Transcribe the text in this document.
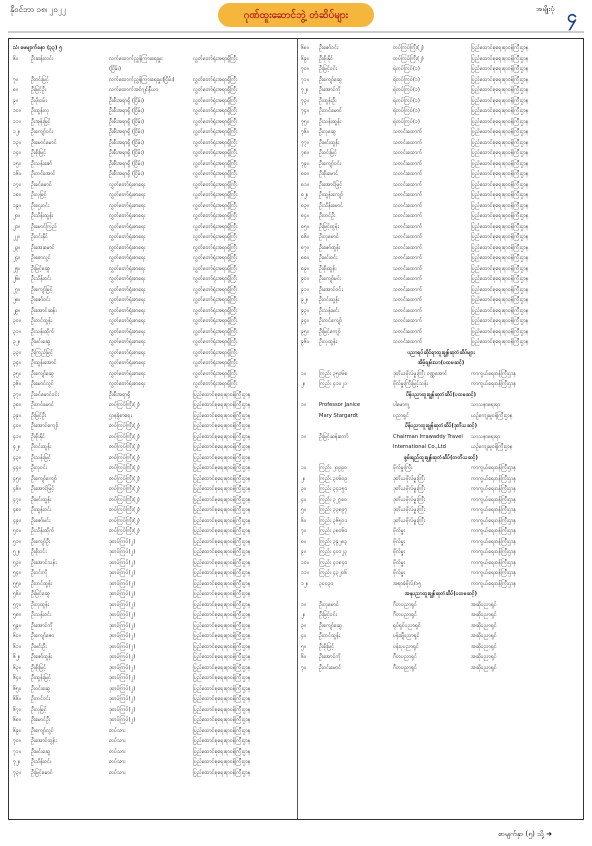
နိုဝင်ဘာ ၁၈၊ ၂၀၂၂	ဂုဏ်ထူးဆောင်ဘွဲ့ တံဆိပ်များ
အမျိုးပုံ ၄
သံ၊ မေမျာက်နော (၃၃) ၅
၆။	ဦးဆန်းလင်း	လက်ထောက်ညွှန်ကြားရေးမှူး	လွှတ်တော်ရုံးအရာရှိကြီး
(ငြိမ်း)
၇။	ဦးဝင်းမြင့်	လက်ထောက်ညွှန်ကြားရေးမှူး(ငြိမ်း)	လွှတ်တော်ရုံးအရာရှိကြီး
၈။	ဦးမြင့်ဦး	လက်ထောက်အင်ဂျင်နီယာ	လွှတ်တော်ရုံးအရာရှိကြီး
၉။	ဦးဖိုးဝမ်း	ဦးစီးအရာရှိ (ငြိမ်း)	လွှတ်တော်ရုံးအရာရှိကြီး
၁၀။	ဦးထွန်းလှ	ဦးစီးအရာရှိ (ငြိမ်း)	လွှတ်တော်ရုံးအရာရှိကြီး
၁၁။	ဦးအုန်းမြင့်	ဦးစီးအရာရှိ (ငြိမ်း)	လွှတ်တော်ရုံးအရာရှိကြီး
၁၂။	ဦးကျော်ဝင်း	ဦးစီးအရာရှိ (ငြိမ်း)	လွှတ်တော်ရုံးအရာရှိကြီး
၁၃။	ဦးမောင်မောင်	ဦးစီးအရာရှိ (ငြိမ်း)	လွှတ်တော်ရုံးအရာရှိကြီး
၁၄။	ဦးစိုးမြင့်	ဦးစီးအရာရှိ (ငြိမ်း)	လွှတ်တော်ရုံးအရာရှိကြီး
၁၅။	ဦးသန်းဇော်	ဦးစီးအရာရှိ (ငြိမ်း)	လွှတ်တော်ရုံးအရာရှိကြီး
၁၆။	ဦးတင်အောင်	ဦးစီးအရာရှိ (ငြိမ်း)	လွှတ်တော်ရုံးအရာရှိကြီး
၁၇။	ဦးခင်မောင်	လွှတ်တော်ရုံးစာရေး	လွှတ်တော်ရုံးအရာရှိကြီး
၁၈။	ဦးလှမြင့်	လွှတ်တော်ရုံးစာရေး	လွှတ်တော်ရုံးအရာရှိကြီး
၁၉။	ဦးဌေးဝင်း	လွှတ်တော်ရုံးစာရေး	လွှတ်တော်ရုံးအရာရှိကြီး
၂၀။	ဦးသိန်းထွန်း	လွှတ်တော်ရုံးစာရေး	လွှတ်တော်ရုံးအရာရှိကြီး
၂၁။	ဦးမောင်ကြည်	လွှတ်တော်ရုံးစာရေး	လွှတ်တော်ရုံးအရာရှိကြီး
၂၂။	ဦးဝင်းနိုင်	လွှတ်တော်ရုံးစာရေး	လွှတ်တော်ရုံးအရာရှိကြီး
၂၃။	ဦးအေးမောင်	လွှတ်တော်ရုံးစာရေး	လွှတ်တော်ရုံးအရာရှိကြီး
၂၄။	ဦးစောလွင်	လွှတ်တော်ရုံးစာရေး	လွှတ်တော်ရုံးအရာရှိကြီး
၂၅။	ဦးမြင့်ဆွေ	လွှတ်တော်ရုံးစာရေး	လွှတ်တော်ရုံးအရာရှိကြီး
၂၆။	ဦးသိန်းဝင်း	လွှတ်တော်ရုံးစာရေး	လွှတ်တော်ရုံးအရာရှိကြီး
၂၇။	ဦးကျော်မြင့်	လွှတ်တော်ရုံးစာရေး	လွှတ်တော်ရုံးအရာရှိကြီး
၂၈။	ဦးဇော်ဝင်း	လွှတ်တော်ရုံးစာရေး	လွှတ်တော်ရုံးအရာရှိကြီး
၂၉။	ဦးအောင်ဆန်း	လွှတ်တော်ရုံးစာရေး	လွှတ်တော်ရုံးအရာရှိကြီး
၃၀။	ဦးတင်ထွန်း	လွှတ်တော်ရုံးစာရေး	လွှတ်တော်ရုံးအရာရှိကြီး
၃၁။	ဦးသန်းထိုက်	လွှတ်တော်ရုံးစာရေး	လွှတ်တော်ရုံးအရာရှိကြီး
၃၂။	ဦးမင်းဆွေ	လွှတ်တော်ရုံးစာရေး	လွှတ်တော်ရုံးအရာရှိကြီး
၃၃။	ဦးကြည်မြင့်	လွှတ်တော်ရုံးစာရေး	လွှတ်တော်ရုံးအရာရှိကြီး
၃၄။	ဦးထွန်းအောင်	လွှတ်တော်ရုံးစာရေး	လွှတ်တော်ရုံးအရာရှိကြီး
၃၅။	ဦးကျော်ဆွေ	လွှတ်တော်ရုံးစာရေး	လွှတ်တော်ရုံးအရာရှိကြီး
၃၆။	ဦးမောင်လွင်	လွှတ်တော်ရုံးစာရေး	လွှတ်တော်ရုံးအရာရှိကြီး
၃၇။	ဦးခင်မောင်ဝင်း	ဦးစီးအရာရှိ	ပြည်ထောင်စုရေးရာဝန်ကြီးဌာန
၃၈။	ဦးတင်မောင်	တပ်ကြပ်ကြီး(၂)	ပြည်ထောင်စုရေးရာဝန်ကြီးဌာန
၃၉။	ဦးမြင့်ဦး	ဌာနခွဲစာရေး	ပြည်ထောင်စုရေးရာဝန်ကြီးဌာန
၄၀။	ဦးအောင်ကျော်	တပ်ကြပ်ကြီး(၂)	ပြည်ထောင်စုရေးရာဝန်ကြီးဌာန
၄၁။	ဦးစိုးနိုင်	တပ်ကြပ်ကြီး(၂)	ပြည်ထောင်စုရေးရာဝန်ကြီးဌာန
၄၂။	ဦးဝင်းထွန်း	တပ်ကြပ်ကြီး(၂)	ပြည်ထောင်စုရေးရာဝန်ကြီးဌာန
၄၃။	ဦးသန်းမြင့်	တပ်ကြပ်ကြီး(၂)	ပြည်ထောင်စုရေးရာဝန်ကြီးဌာန
၄၄။	ဦးလှဝင်း	တပ်ကြပ်ကြီး(၂)	ပြည်ထောင်စုရေးရာဝန်ကြီးဌာန
၄၅။	ဦးကျော်ကျော်	တပ်ကြပ်ကြီး(၂)	ပြည်ထောင်စုရေးရာဝန်ကြီးဌာန
၄၆။	ဦးအောင်မြင့်	တပ်ကြပ်ကြီး(၂)	ပြည်ထောင်စုရေးရာဝန်ကြီးဌာန
၄၇။	ဦးမင်းထွန်း	တပ်ကြပ်ကြီး(၂)	ပြည်ထောင်စုရေးရာဝန်ကြီးဌာန
၄၈။	ဦးထွန်းဝင်း	တပ်ကြပ်ကြီး(၂)	ပြည်ထောင်စုရေးရာဝန်ကြီးဌာန
၄၉။	ဦးဇော်မင်း	တပ်ကြပ်ကြီး(၂)	ပြည်ထောင်စုရေးရာဝန်ကြီးဌာန
၅၀။	ဦးသိန်းထိုက်	တပ်ကြပ်ကြီး(၂)	ပြည်ထောင်စုရေးရာဝန်ကြီးဌာန
၅၁။	ဦးကျော်ဦး	ဒုတပ်ကြပ်(၂)	ပြည်ထောင်စုရေးရာဝန်ကြီးဌာန
၅၂။	ဦးစိုးဝင်း	ဒုတပ်ကြပ်(၂)	ပြည်ထောင်စုရေးရာဝန်ကြီးဌာန
၅၃။	ဦးအောင်သန်း	ဒုတပ်ကြပ်(၂)	ပြည်ထောင်စုရေးရာဝန်ကြီးဌာန
၅၄။	ဦးဝင်းကို	ဒုတပ်ကြပ်(၂)	ပြည်ထောင်စုရေးရာဝန်ကြီးဌာန
၅၅။	ဦးတင်ထွန်း	ဒုတပ်ကြပ်(၂)	ပြည်ထောင်စုရေးရာဝန်ကြီးဌာန
၅၆။	ဦးမြင့်ဆွေ	ဒုတပ်ကြပ်(၂)	ပြည်ထောင်စုရေးရာဝန်ကြီးဌာန
၅၇။	ဦးလှထွန်း	ဒုတပ်ကြပ်(၂)	ပြည်ထောင်စုရေးရာဝန်ကြီးဌာန
၅၈။	ဦးသန်းဝင်း	ဒုတပ်ကြပ်(၂)	ပြည်ထောင်စုရေးရာဝန်ကြီးဌာန
၅၉။	ဦးအောင်ကို	ဒုတပ်ကြပ်(၂)	ပြည်ထောင်စုရေးရာဝန်ကြီးဌာန
၆၀။	ဦးကျော်ဇော	ဒုတပ်ကြပ်(၂)	ပြည်ထောင်စုရေးရာဝန်ကြီးဌာန
၆၁။	ဦးမင်းဦး	ဒုတပ်ကြပ်(၂)	ပြည်ထောင်စုရေးရာဝန်ကြီးဌာန
၆၂။	ဦးဇော်ထွန်း	ဒုတပ်ကြပ်(၂)	ပြည်ထောင်စုရေးရာဝန်ကြီးဌာန
၆၃။	ဦးစိုးမြင့်	ဒုတပ်ကြပ်(၂)	ပြည်ထောင်စုရေးရာဝန်ကြီးဌာန
၆၄။	ဦးထွန်းမြင့်	ဒုတပ်ကြပ်(၂)	ပြည်ထောင်စုရေးရာဝန်ကြီးဌာန
၆၅။	ဦးဝင်းဆွေ	ဒုတပ်ကြပ်(၂)	ပြည်ထောင်စုရေးရာဝန်ကြီးဌာန
၆၆။	ဦးတင်ဝင်း	ဒုတပ်ကြပ်(၂)	ပြည်ထောင်စုရေးရာဝန်ကြီးဌာန
၆၇။	ဦးလှမြင့်	ဒုတပ်ကြပ်(၂)	ပြည်ထောင်စုရေးရာဝန်ကြီးဌာန
၆၈။	ဦးမောင်ဦး	ဒုတပ်ကြပ်(၂)	ပြည်ထောင်စုရေးရာဝန်ကြီးဌာန
၆၉။	ဦးကျော်လွင်	တပ်သား	ပြည်ထောင်စုရေးရာဝန်ကြီးဌာန
၇၀။	ဦးအောင်ထွန်း	တပ်သား	ပြည်ထောင်စုရေးရာဝန်ကြီးဌာန
၇၁။	ဦးမင်းဆွေ	တပ်သား	ပြည်ထောင်စုရေးရာဝန်ကြီးဌာန
၇၂။	ဦးသိန်းဝင်း	တပ်သား	ပြည်ထောင်စုရေးရာဝန်ကြီးဌာန
၇၃။	ဦးမြင့်မောင်	တပ်သား	ပြည်ထောင်စုရေးရာဝန်ကြီးဌာန
၆၈။	ဦးဇော်ဝင်း	တပ်ကြပ်ကြီး(၂)	ပြည်ထောင်စုရေးရာဝန်ကြီးဌာန
၆၉။	ဦးစိုးနိုင်	တပ်ကြပ်ကြီး(၂)	ပြည်ထောင်စုရေးရာဝန်ကြီးဌာန
၇၀။	ဦးမြင့်ဝင်း	ရဲတပ်ကြပ်(၁)	ပြည်ထောင်စုရေးရာဝန်ကြီးဌာန
၇၁။	ဦးကျော်ဆွေ	ရဲတပ်ကြပ်(၁)	ပြည်ထောင်စုရေးရာဝန်ကြီးဌာန
၇၂။	ဦးအောင်ကို	ရဲတပ်ကြပ်(၁)	ပြည်ထောင်စုရေးရာဝန်ကြီးဌာန
၇၃။	ဦးထွန်းဦး	ရဲတပ်ကြပ်(၁)	ပြည်ထောင်စုရေးရာဝန်ကြီးဌာန
၇၄။	ဦးတင်မောင်	ရဲတပ်ကြပ်(၁)	ပြည်ထောင်စုရေးရာဝန်ကြီးဌာန
၇၅။	ဦးသန်းထွန်း	ရဲတပ်ကြပ်(၁)	ပြည်ထောင်စုရေးရာဝန်ကြီးဌာန
၇၆။	ဦးလှဆွေ	သတင်းထောက်	ပြည်ထောင်စုရေးရာဝန်ကြီးဌာန
၇၇။	ဦးမင်းထွန်း	သတင်းထောက်	ပြည်ထောင်စုရေးရာဝန်ကြီးဌာန
၇၈။	ဦးဝင်းမြင့်	သတင်းထောက်	ပြည်ထောင်စုရေးရာဝန်ကြီးဌာန
၇၉။	ဦးကျော်ဝင်း	သတင်းထောက်	ပြည်ထောင်စုရေးရာဝန်ကြီးဌာန
၈၀။	ဦးစိုးမောင်	သတင်းထောက်	ပြည်ထောင်စုရေးရာဝန်ကြီးဌာန
၈၁။	ဦးအောင်မြင့်	သတင်းထောက်	ပြည်ထောင်စုရေးရာဝန်ကြီးဌာန
၈၂။	ဦးထွန်းကျော်	သတင်းထောက်	ပြည်ထောင်စုရေးရာဝန်ကြီးဌာန
၈၃။	ဦးသိန်းမောင်	သတင်းထောက်	ပြည်ထောင်စုရေးရာဝန်ကြီးဌာန
၈၄။	ဦးတင်ဦး	သတင်းထောက်	ပြည်ထောင်စုရေးရာဝန်ကြီးဌာန
၈၅။	ဦးမြင့်ထွန်း	သတင်းထောက်	ပြည်ထောင်စုရေးရာဝန်ကြီးဌာန
၈၆။	ဦးလှမောင်	သတင်းထောက်	ပြည်ထောင်စုရေးရာဝန်ကြီးဌာန
၈၇။	ဦးဇော်ထွန်း	သတင်းထောက်	ပြည်ထောင်စုရေးရာဝန်ကြီးဌာန
၈၈။	ဦးမင်းဝင်း	သတင်းထောက်	ပြည်ထောင်စုရေးရာဝန်ကြီးဌာန
၈၉။	ဦးစိုးထွန်း	သတင်းထောက်	ပြည်ထောင်စုရေးရာဝန်ကြီးဌာန
၉၀။	ဦးကျော်မင်း	သတင်းထောက်	ပြည်ထောင်စုရေးရာဝန်ကြီးဌာန
၉၁။	ဦးအောင်ဝင်း	သတင်းထောက်	ပြည်ထောင်စုရေးရာဝန်ကြီးဌာန
၉၂။	ဦးဝင်းထွန်း	သတင်းထောက်	ပြည်ထောင်စုရေးရာဝန်ကြီးဌာန
၉၃။	ဦးသန်းမင်း	သတင်းထောက်	ပြည်ထောင်စုရေးရာဝန်ကြီးဌာန
၉၄။	ဦးတင်ကျော်	သတင်းထောက်	ပြည်ထောင်စုရေးရာဝန်ကြီးဌာန
၉၅။	ဦးမြင့်ကျော်	သတင်းထောက်	ပြည်ထောင်စုရေးရာဝန်ကြီးဌာန
၉၆။	ဦးလှထွန်း	သတင်းထောက်	ပြည်ထောင်စုရေးရာဝန်ကြီးဌာန
ပညာရပ်ဆိုင်ရာထူးချွန်ဆုတံဆိပ်များ
အိမ့်ချမ်းသာ(ပထမဆင့်)
၁။	ကြည်း ၃၅၀၆၈	ဒုတိယဗိုလ်မှူးကြီး ဝဏ္ဏအောင်	ကာကွယ်ရေးဝန်ကြီးဌာန
၂။	ကြည်း ၄၁၀၂၁	ဗိုလ်မှူးကြီးမြင့်သန်း	ကာကွယ်ရေးဝန်ကြီးဌာန
ပိန်ပညာထူးချွန်ဆုတံဆိပ်(ပထမဆင့်)
၁။	Professor Janice	ပါမောက္ခ	သာသနာရေးရာ
Mary Stargardt	ပညာရှင်	ယဉ်ကျေးမှုဝန်ကြီးဌာန
ပိန်ပညာထူးချွန်ဆုတံဆိပ်(ဒုတိယဆင့်)
၁။	ဦးမြင့်ဆန်းဘော်	Chairman Irrawaddy Travel	သာသနာရေးရာ
International Co.,Ltd	ယဉ်ကျေးမှုဝန်ကြီးဌာန
စွမ်းရည်ထူးချွန်ဆုတံဆိပ်(တတိယဆင့်)
၁။	ကြည်း ၂၀၉၉၀	ဗိုလ်မှူးကြီး	ကာကွယ်ရေးဝန်ကြီးဌာန
၂။	ကြည်း ၃၀၆၀၉	ဒုတိယဗိုလ်မှူးကြီး	ကာကွယ်ရေးဝန်ကြီးဌာန
၃။	ကြည်း ၃၄၁၅၀	ဒုတိယဗိုလ်မှူးကြီး	ကာကွယ်ရေးဝန်ကြီးဌာန
၄။	ကြည်း ၃၂၇၈၀	ဒုတိယဗိုလ်မှူးကြီး	ကာကွယ်ရေးဝန်ကြီးဌာန
၅။	ကြည်း ၃၃၈၉၇	ဒုတိယဗိုလ်မှူးကြီး	ကာကွယ်ရေးဝန်ကြီးဌာန
၆။	ကြည်း ၃၆၅၀၁	ဒုတိယဗိုလ်မှူးကြီး	ကာကွယ်ရေးဝန်ကြီးဌာန
၇။	ကြည်း ၃၈၀၆၁	ဗိုလ်မှူး	ကာကွယ်ရေးဝန်ကြီးဌာန
၈။	ကြည်း ၃၉၂၈၃	ဗိုလ်မှူး	ကာကွယ်ရေးဝန်ကြီးဌာန
၉။	ကြည်း ၄၀၁၂၃	ဗိုလ်မှူး	ကာကွယ်ရေးဝန်ကြီးဌာန
၁၀။	ကြည်း ၄၁၈၄၀	ဗိုလ်မှူး	ကာကွယ်ရေးဝန်ကြီးဌာန
၁၁။	ကြည်း ၄၃၂၀၆	ဗိုလ်မှူး	ကာကွယ်ရေးဝန်ကြီးဌာန
၁၂။	၃၀၀၃၀	အရာခံဗိုလ်/၁၅	ကာကွယ်ရေးဝန်ကြီးဌာန
အနုပညာထူးချွန်ဆုတံဆိပ်(ပထမဆင့်)
၁။	ဦးလှမောင်	ဂီတပညာရှင်	အဆိုပညာရှင်
၂။	ဦးမြင့်ဝင်း	ဂီတပညာရှင်	အဆိုပညာရှင်
၃။	ဦးကျော်ဆွေ	ရုပ်ရှင်ပညာရှင်	အဆိုပညာရှင်
၄။	ဦးတင်ထွန်း	ပန်းချီပညာရှင်	အဆိုပညာရှင်
၅။	ဦးစိုးမြင့်	ပန်းပုပညာရှင်	အဆိုပညာရှင်
၆။	ဦးအောင်ကို	ဂီတပညာရှင်	အဆိုပညာရှင်
၇။	ဦးဝင်းမောင်	ဂီတပညာရှင်	အဆိုပညာရှင်
စာမျက်နှာ (၅) သို့ ➜
